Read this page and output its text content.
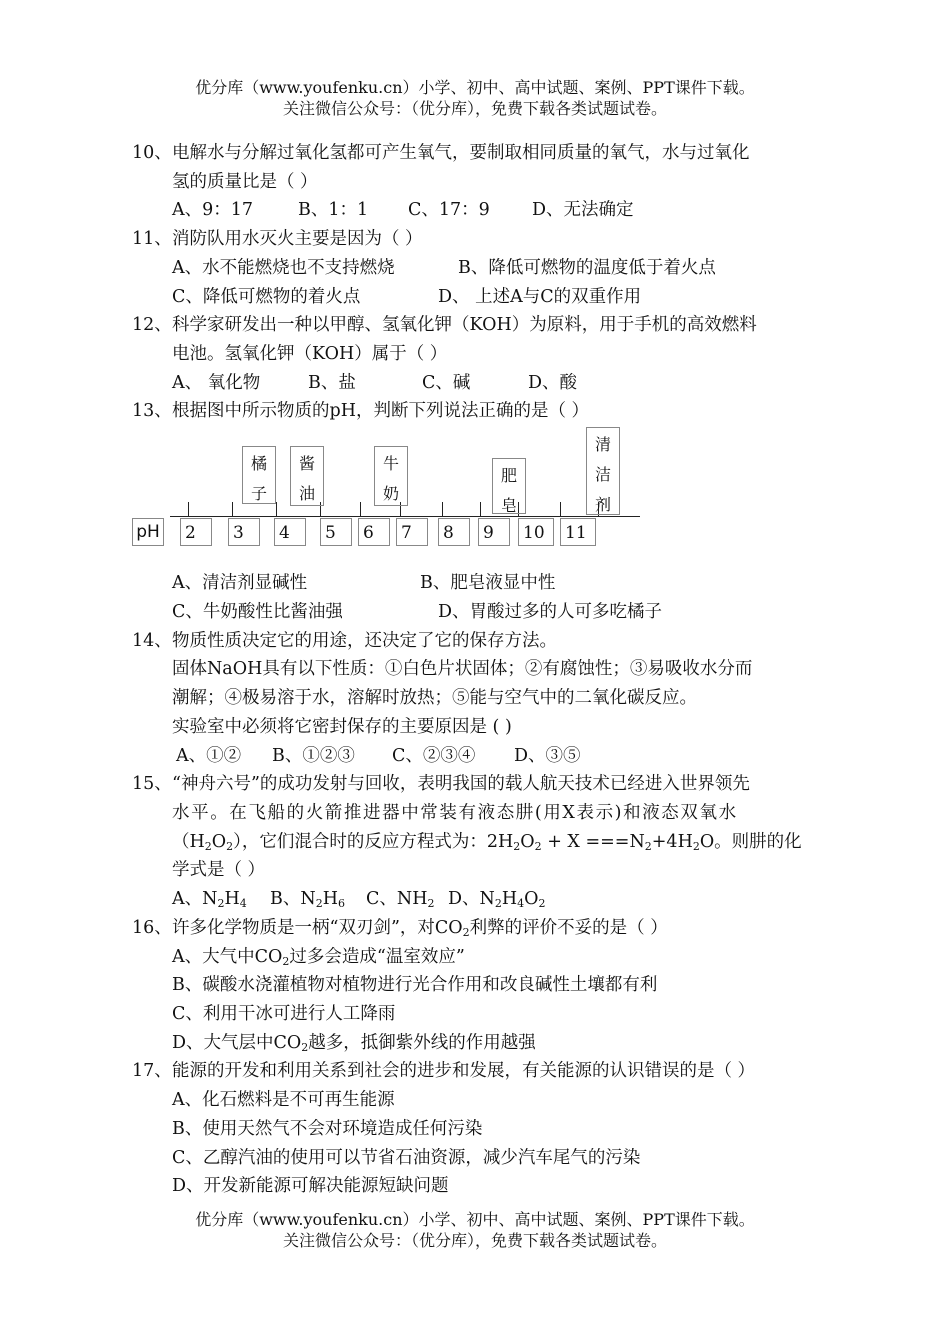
优分库（www.youfenku.cn）小学、初中、高中试题、案例、PPT课件下载。
关注微信公众号：（优分库），免费下载各类试题试卷。
10、 电解水与分解过氧化氢都可产生氧气，要制取相同质量的氧气，水与过氧化
氢的质量比是（ ）
A、9：17	B、1：1 C、17：9 D、无法确定
11、 消防队用水灭火主要是因为（ ）
A、水不能燃烧也不支持燃烧	B、降低可燃物的温度低于着火点
C、降低可燃物的着火点	D、 上述A与C的双重作用
12、 科学家研发出一种以甲醇、氢氧化钾（KOH）为原料，用于手机的高效燃料
电池。氢氧化钾（KOH）属于（ ）
A、 氧化物	B、盐	C、碱	D、酸
13、 根据图中所示物质的pH，判断下列说法正确的是（ ）
pH 2	3	4	5	6	7	8	9	10	11
橘
子
酱
油
牛
奶
肥
皂
清
洁
剂
A、清洁剂显碱性	B、肥皂液显中性
C、牛奶酸性比酱油强	D、胃酸过多的人可多吃橘子
14、 物质性质决定它的用途，还决定了它的保存方法。
固体NaOH具有以下性质：①白色片状固体；②有腐蚀性；③易吸收水分而
潮解；④极易溶于水，溶解时放热；⑤能与空气中的二氧化碳反应。
实验室中必须将它密封保存的主要原因是 ( )
A、①② B、①②③ C、②③④ D、③⑤
15、 “神舟六号”的成功发射与回收，表明我国的载人航天技术已经进入世界领先
水平。在飞船的火箭推进器中常装有液态肼(用X表示)和液态双氧水
$(H_2O_2)$，它们混合时的反应方程式为：$2H_2O_2 + X ===N_2+4H_2O$。则肼的化
学式是（ ）
A、$N_2H_4$ B、$N_2H_6$ C、$NH_2$ D、$N_2H_4O_2$
16、 许多化学物质是一柄“双刃剑”，对$CO_2$利弊的评价不妥的是（ ）
A、大气中$CO_2$过多会造成“温室效应”
B、碳酸水浇灌植物对植物进行光合作用和改良碱性土壤都有利
C、利用干冰可进行人工降雨
D、大气层中$CO_2$越多，抵御紫外线的作用越强
17、 能源的开发和利用关系到社会的进步和发展，有关能源的认识错误的是（ ）
A、化石燃料是不可再生能源
B、使用天然气不会对环境造成任何污染
C、乙醇汽油的使用可以节省石油资源，减少汽车尾气的污染
D、开发新能源可解决能源短缺问题
优分库（www.youfenku.cn）小学、初中、高中试题、案例、PPT课件下载。
关注微信公众号：（优分库），免费下载各类试题试卷。
